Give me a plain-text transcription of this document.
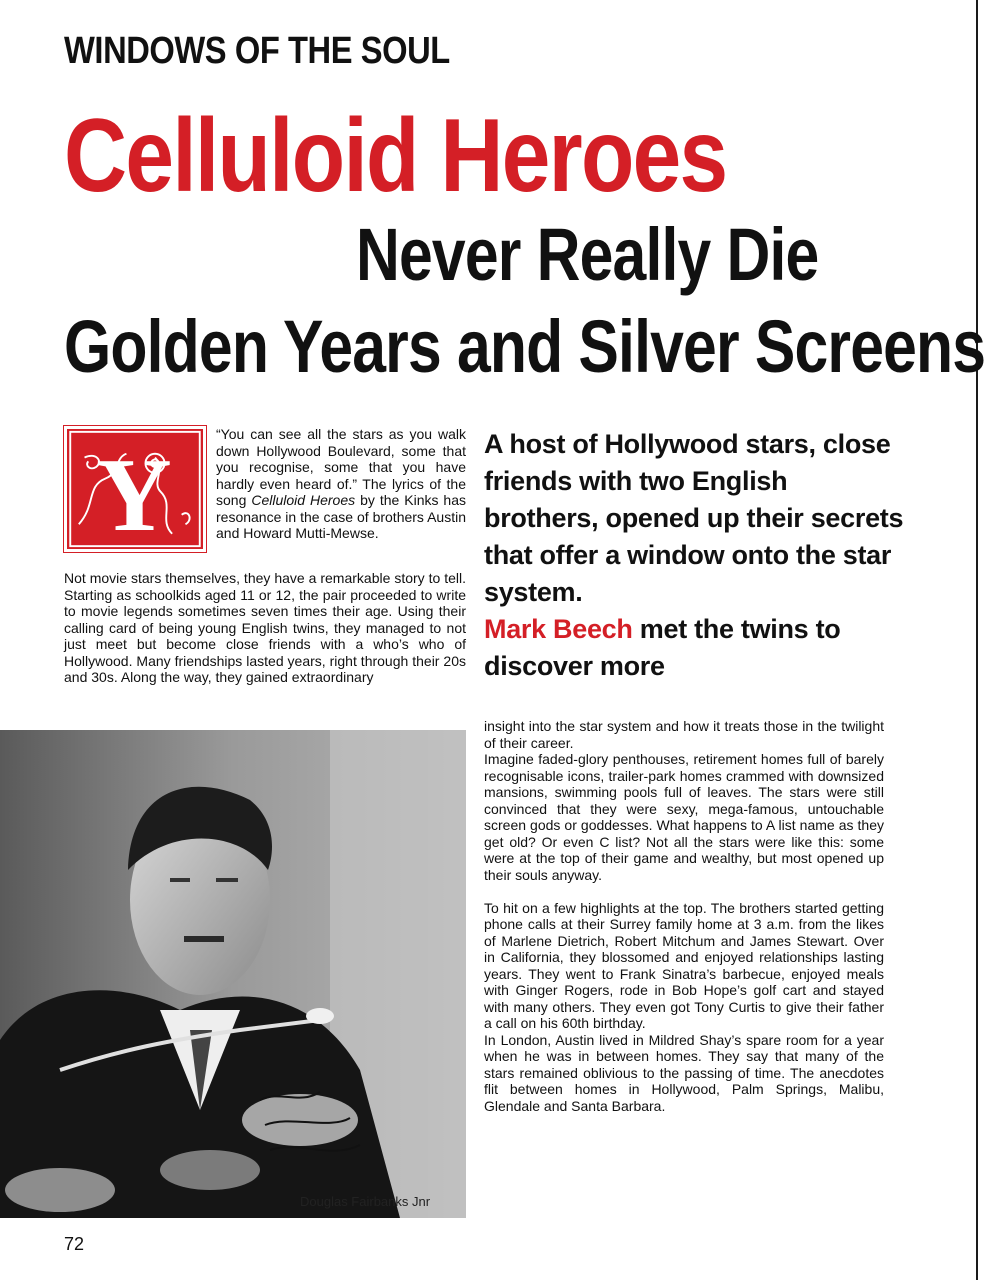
WINDOWS OF THE SOUL
Celluloid Heroes
Never Really Die
Golden Years and Silver Screens
Y

“You can see all the stars as you walk down Hollywood Boulevard, some that you recognise, some that you have hardly even heard of.” The lyrics of the song Celluloid Heroes by the Kinks has resonance in the case of brothers Austin and Howard Mutti-Mewse.

Not movie stars themselves, they have a remarkable story to tell. Starting as schoolkids aged 11 or 12, the pair proceeded to write to movie legends sometimes seven times their age. Using their calling card of being young English twins, they managed to not just meet but become close friends with a who’s who of Hollywood. Many friendships lasted years, right through their 20s and 30s. Along the way, they gained extraordinary

A host of Hollywood stars, close friends with two English brothers, opened up their secrets that offer a window onto the star system.
Mark Beech met the twins to discover more

Douglas Fairbanks Jnr

insight into the star system and how it treats those in the twilight of their career.

Imagine faded-glory penthouses, retirement homes full of barely recognisable icons, trailer-park homes crammed with downsized mansions, swimming pools full of leaves. The stars were still convinced that they were sexy, mega-famous, untouchable screen gods or goddesses. What happens to A list name as they get old? Or even C list? Not all the stars were like this: some were at the top of their game and wealthy, but most opened up their souls anyway.

To hit on a few highlights at the top. The brothers started getting phone calls at their Surrey family home at 3 a.m. from the likes of Marlene Dietrich, Robert Mitchum and James Stewart. Over in California, they blossomed and enjoyed relationships lasting years. They went to Frank Sinatra’s barbecue, enjoyed meals with Ginger Rogers, rode in Bob Hope’s golf cart and stayed with many others. They even got Tony Curtis to give their father a call on his 60th birthday.

In London, Austin lived in Mildred Shay’s spare room for a year when he was in between homes. They say that many of the stars remained oblivious to the passing of time. The anecdotes flit between homes in Hollywood, Palm Springs, Malibu, Glendale and Santa Barbara.

72
